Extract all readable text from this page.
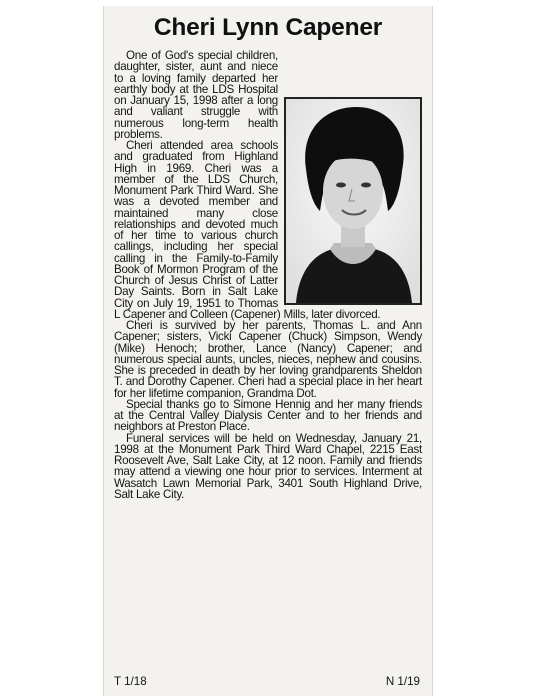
Cheri Lynn Capener

One of God's special children, daughter, sister, aunt and niece to a loving family departed her earthly body at the LDS Hospital on January 15, 1998 after a long and valiant struggle with numerous long-term health problems.

Cheri attended area schools and graduated from Highland High in 1969. Cheri was a member of the LDS Church, Monument Park Third Ward. She was a devoted member and maintained many close relationships and devoted much of her time to various church callings, including her special calling in the Family-to-Family Book of Mormon Program of the Church of Jesus Christ of Latter Day Saints. Born in Salt Lake City on July 19, 1951 to Thomas L Capener and Colleen (Capener) Mills, later divorced.

Cheri is survived by her parents, Thomas L. and Ann Capener; sisters, Vicki Capener (Chuck) Simpson, Wendy (Mike) Henoch; brother, Lance (Nancy) Capener; and numerous special aunts, uncles, nieces, nephew and cousins. She is preceded in death by her loving grandparents Sheldon T. and Dorothy Capener. Cheri had a special place in her heart for her lifetime companion, Grandma Dot.

Special thanks go to Simone Hennig and her many friends at the Central Valley Dialysis Center and to her friends and neighbors at Preston Place.

Funeral services will be held on Wednesday, January 21, 1998 at the Monument Park Third Ward Chapel, 2215 East Roosevelt Ave, Salt Lake City, at 12 noon. Family and friends may attend a viewing one hour prior to services. Interment at Wasatch Lawn Memorial Park, 3401 South Highland Drive, Salt Lake City.

T 1/18	N 1/19
